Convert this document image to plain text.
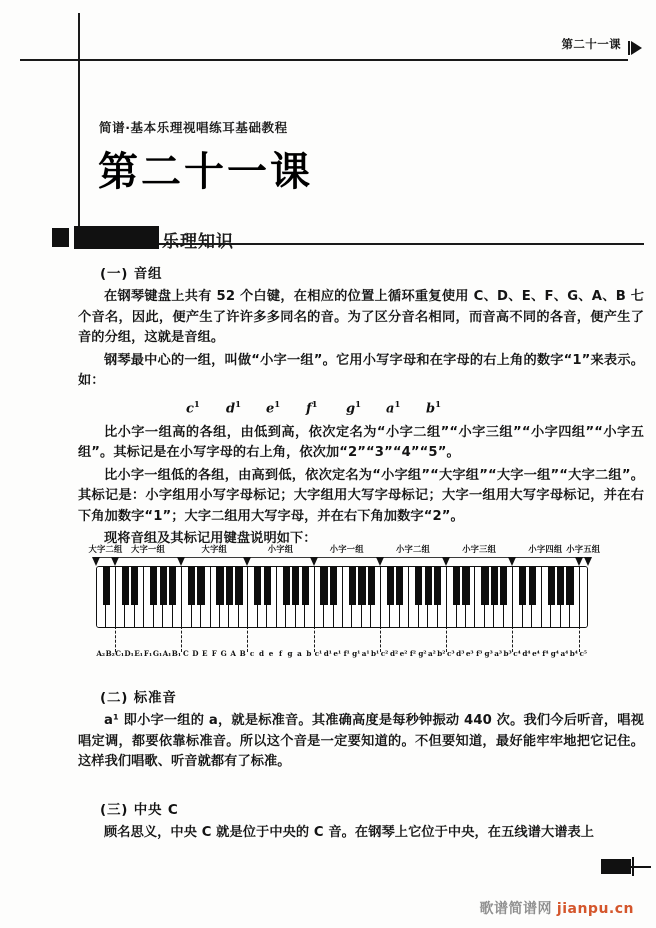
第二十一课
简谱·基本乐理视唱练耳基础教程
第二十一课
乐理知识
(一) 音组

在钢琴键盘上共有 52 个白键，在相应的位置上循环重复使用 C、D、E、F、G、A、B 七个音名，因此，便产生了许许多多同名的音。为了区分音名相同，而音高不同的各音，便产生了音的分组，这就是音组。

钢琴最中心的一组，叫做“小字一组”。它用小写字母和在字母的右上角的数字“1”来表示。如：

$c^1$ $d^1$ $e^1$ $f^1$ $g^1$ $a^1$ $b^1$

比小字一组高的各组，由低到高，依次定名为“小字二组”“小字三组”“小字四组”“小字五组”。其标记是在小写字母的右上角，依次加“2”“3”“4”“5”。

比小字一组低的各组，由高到低，依次定名为“小字组”“大字组”“大字一组”“大字二组”。其标记是：小字组用小写字母标记；大字组用大写字母标记；大字一组用大写字母标记，并在右下角加数字“1”；大字二组用大写字母，并在右下角加数字“2”。

现将音组及其标记用键盘说明如下：

大字二组 大字一组	大字组	小字组	小字一组	小字二组	小字三组	小字四组 小字五组
A₂ B₂ C₁ D₁ E₁ F₁ G₁ A₁ B₁ C D E F G A B c d e f g a b c¹ d¹ e¹ f¹ g¹ a¹ b¹ c² d² e² f² g² a² b² c³ d³ e³ f³ g³ a³ b³ c⁴ d⁴ e⁴ f⁴ g⁴ a⁴ b⁴ c⁵
(二) 标准音

a¹ 即小字一组的 a，就是标准音。其准确高度是每秒钟振动 440 次。我们今后听音，唱视唱定调，都要依靠标准音。所以这个音是一定要知道的。不但要知道，最好能牢牢地把它记住。这样我们唱歌、听音就都有了标准。

(三) 中央 C

顾名思义，中央 C 就是位于中央的 C 音。在钢琴上它位于中央，在五线谱大谱表上

歌谱简谱网 jianpu.cn
